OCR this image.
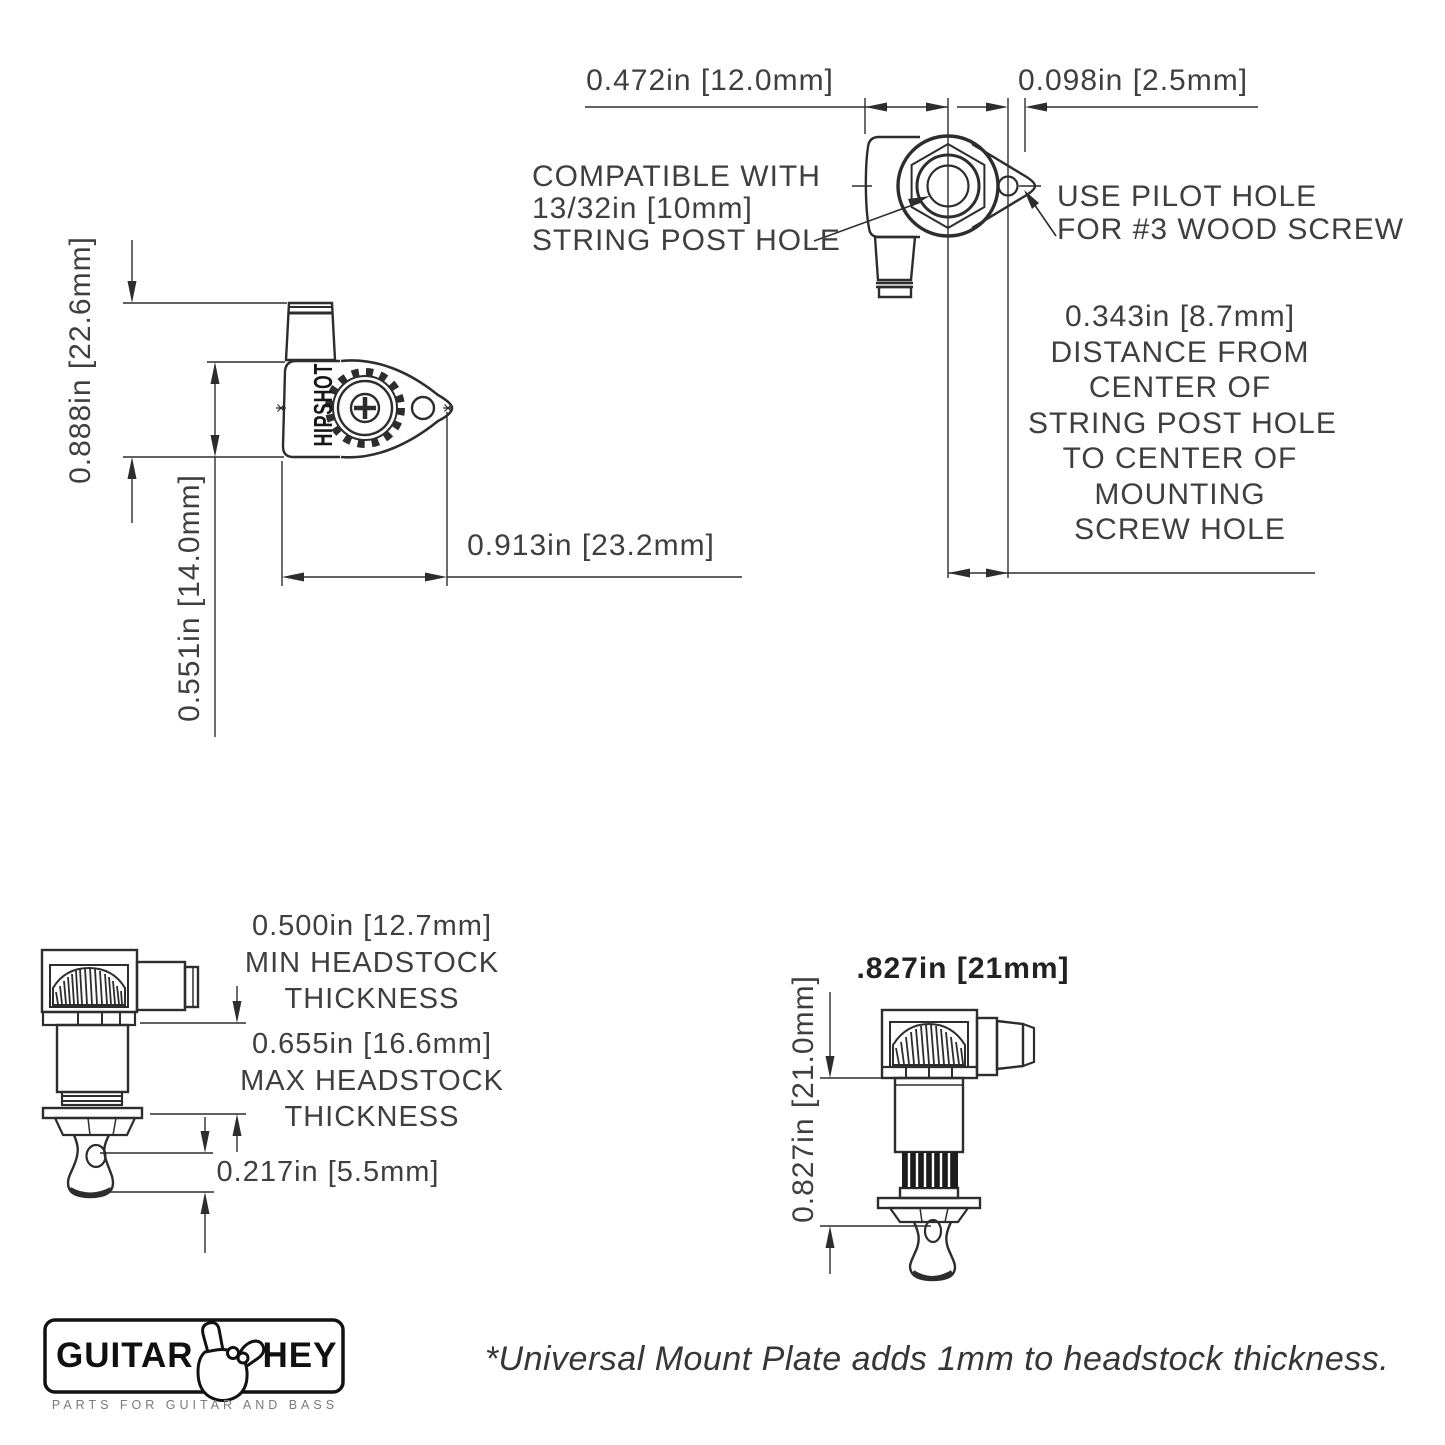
0.472in [12.0mm]	0.098in [2.5mm]
COMPATIBLE WITH
13/32in [10mm]
STRING POST HOLE
USE PILOT HOLE
FOR #3 WOOD SCREW
0.343in [8.7mm]
DISTANCE FROM
CENTER OF
STRING POST HOLE
TO CENTER OF
MOUNTING
SCREW HOLE
0.888in [22.6mm]
0.551in [14.0mm]	0.913in [23.2mm]
HIPSHOT
0.500in [12.7mm]
MIN HEADSTOCK
THICKNESS
0.655in [16.6mm]
MAX HEADSTOCK
THICKNESS
0.217in [5.5mm]
.827in [21mm]
0.827in [21.0mm]
GUITAR HEY
PARTS FOR GUITAR AND BASS
*Universal Mount Plate adds 1mm to headstock thickness.
